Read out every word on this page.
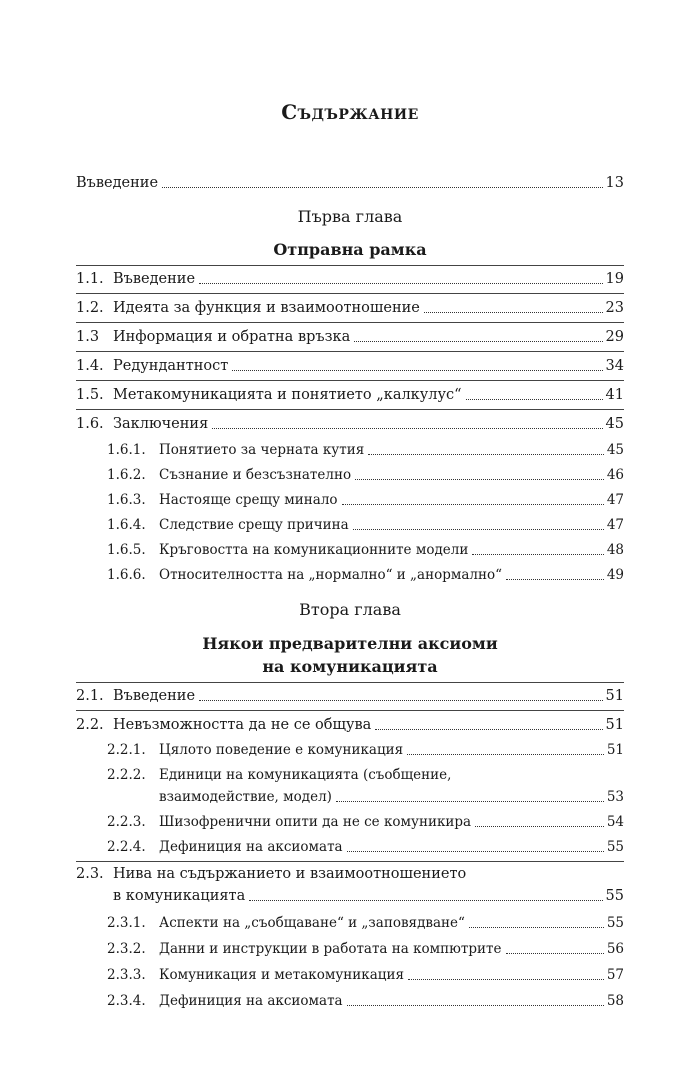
Съдържание
Въведение	13
Първа глава
Отправна рамка
1.1. Въведение	19
1.2. Идеята за функция и взаимоотношение	23
1.3 Информация и обратна връзка	29
1.4. Редундантност	34
1.5. Метакомуникацията и понятието „калкулус“	41
1.6. Заключения	45
1.6.1. Понятието за черната кутия	45
1.6.2. Съзнание и безсъзнателно	46
1.6.3. Настояще срещу минало	47
1.6.4. Следствие срещу причина	47
1.6.5. Кръговостта на комуникационните модели	48
1.6.6. Относителността на „нормално“ и „анормално“	49
Втора глава
Някои предварителни аксиоми
на комуникацията
2.1. Въведение	51
2.2. Невъзможността да не се общува	51
2.2.1. Цялото поведение е комуникация	51
2.2.2. Единици на комуникацията (съобщение,
взаимодействие, модел)	53
2.2.3. Шизофренични опити да не се комуникира	54
2.2.4. Дефиниция на аксиомата	55
2.3. Нива на съдържанието и взаимоотношението
в комуникацията	55
2.3.1. Аспекти на „съобщаване“ и „заповядване“	55
2.3.2. Данни и инструкции в работата на компютрите	56
2.3.3. Комуникация и метакомуникация	57
2.3.4. Дефиниция на аксиомата	58
